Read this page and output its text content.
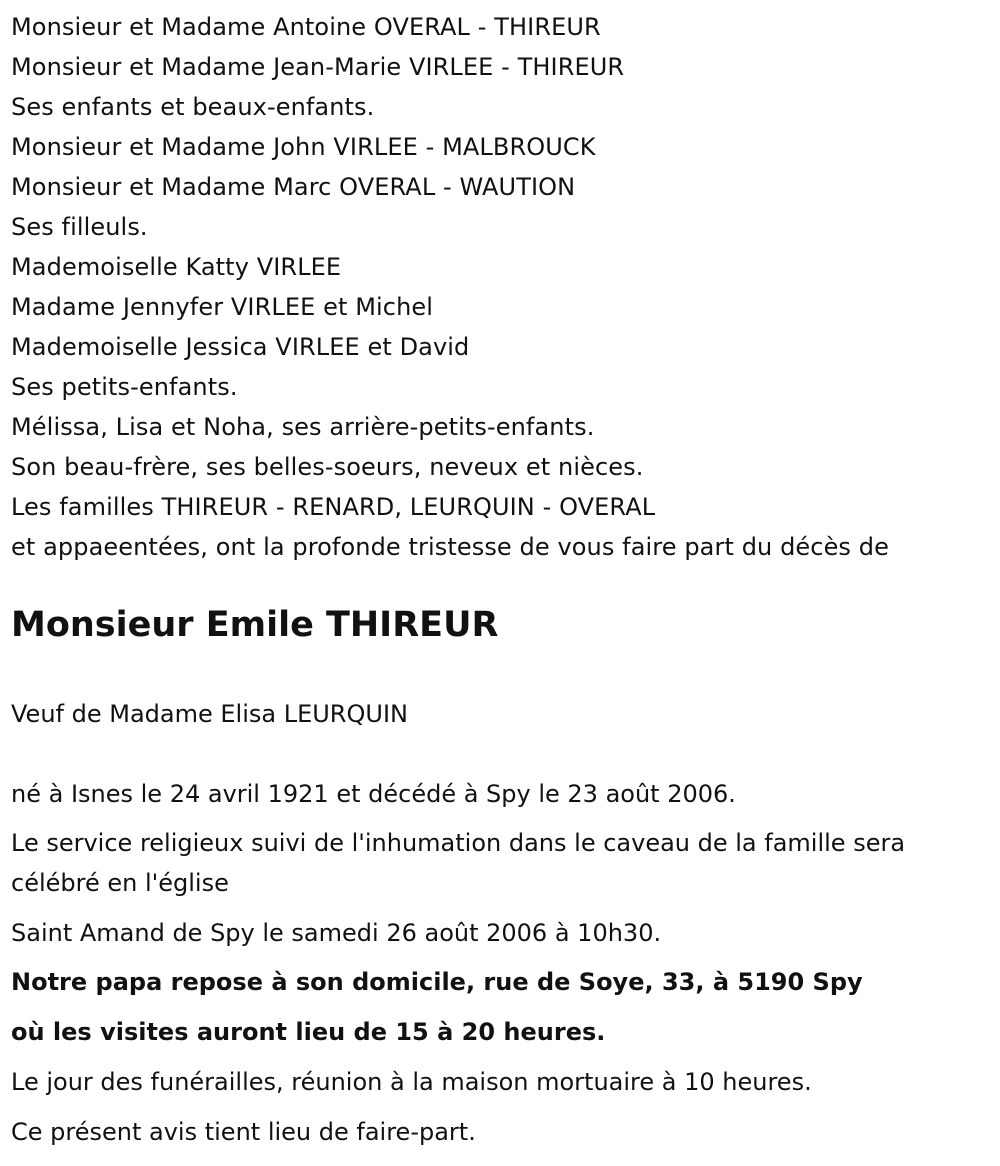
Monsieur et Madame Antoine OVERAL - THIREUR
Monsieur et Madame Jean-Marie VIRLEE - THIREUR
Ses enfants et beaux-enfants.
Monsieur et Madame John VIRLEE - MALBROUCK
Monsieur et Madame Marc OVERAL - WAUTION
Ses filleuls.
Mademoiselle Katty VIRLEE
Madame Jennyfer VIRLEE et Michel
Mademoiselle Jessica VIRLEE et David
Ses petits-enfants.
Mélissa, Lisa et Noha, ses arrière-petits-enfants.
Son beau-frère, ses belles-soeurs, neveux et nièces.
Les familles THIREUR - RENARD, LEURQUIN - OVERAL
et appaeentées, ont la profonde tristesse de vous faire part du décès de
Monsieur Emile THIREUR

Veuf de Madame Elisa LEURQUIN

né à Isnes le 24 avril 1921 et décédé à Spy le 23 août 2006.

Le service religieux suivi de l'inhumation dans le caveau de la famille sera célébré en l'église

Saint Amand de Spy le samedi 26 août 2006 à 10h30.

Notre papa repose à son domicile, rue de Soye, 33, à 5190 Spy

où les visites auront lieu de 15 à 20 heures.

Le jour des funérailles, réunion à la maison mortuaire à 10 heures.

Ce présent avis tient lieu de faire-part.
